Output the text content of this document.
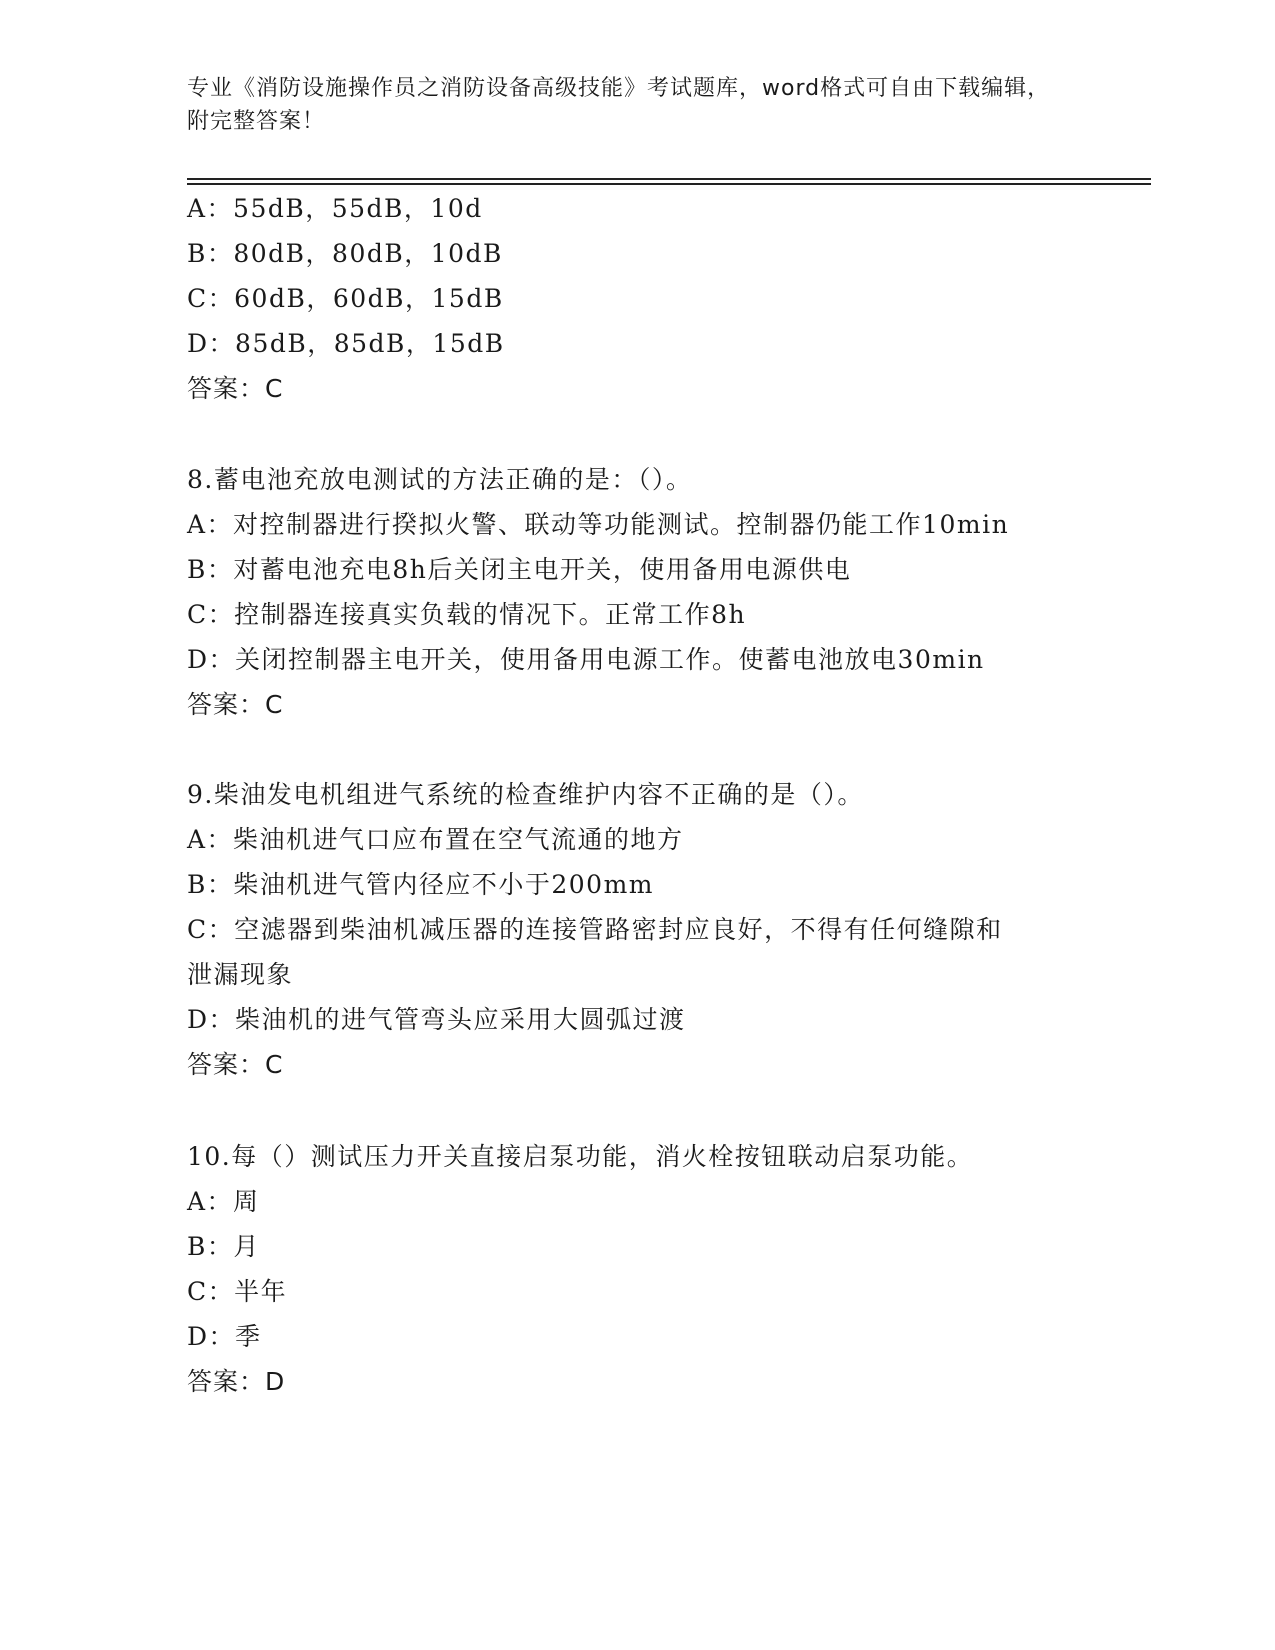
专业《消防设施操作员之消防设备高级技能》考试题库，word格式可自由下载编辑，附完整答案！
A：55dB，55dB，10d
B：80dB，80dB，10dB
C：60dB，60dB，15dB
D：85dB，85dB，15dB
答案：C
8.蓄电池充放电测试的方法正确的是：（）。
A：对控制器进行揆拟火警、联动等功能测试。控制器仍能工作10min
B：对蓄电池充电8h后关闭主电开关，使用备用电源供电
C：控制器连接真实负载的情况下。正常工作8h
D：关闭控制器主电开关，使用备用电源工作。使蓄电池放电30min
答案：C
9.柴油发电机组进气系统的检查维护内容不正确的是（）。
A：柴油机进气口应布置在空气流通的地方
B：柴油机进气管内径应不小于200mm
C：空滤器到柴油机减压器的连接管路密封应良好，不得有任何缝隙和
泄漏现象
D：柴油机的进气管弯头应采用大圆弧过渡
答案：C
10.每（）测试压力开关直接启泵功能，消火栓按钮联动启泵功能。
A：周
B：月
C：半年
D：季
答案：D
